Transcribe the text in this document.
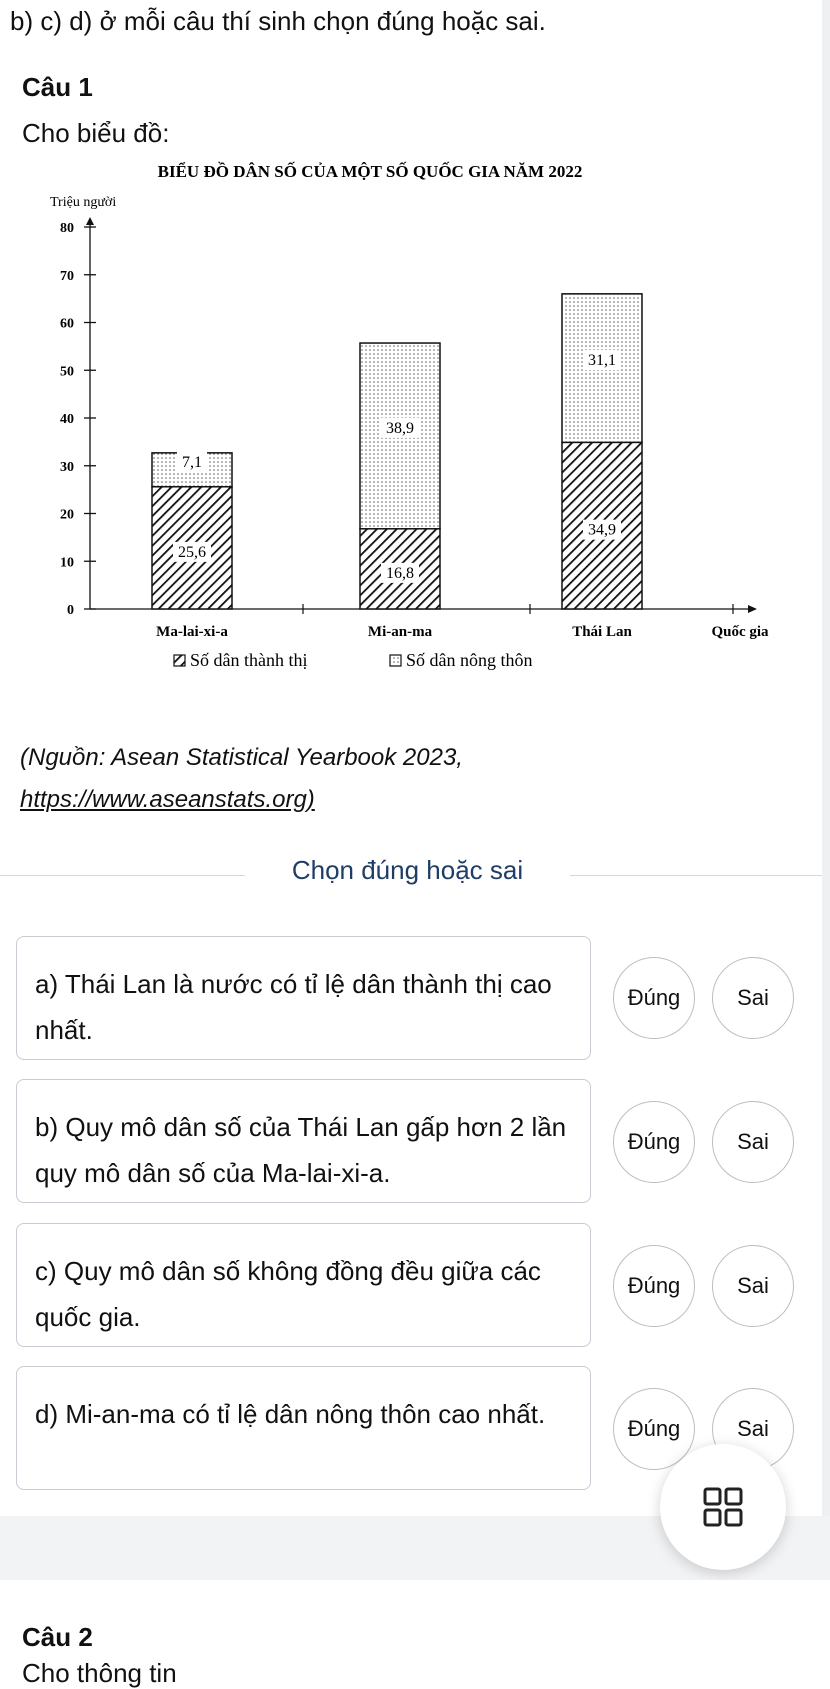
b) c) d) ở mỗi câu thí sinh chọn đúng hoặc sai.
Câu 1
Cho biểu đồ:
BIỂU ĐỒ DÂN SỐ CỦA MỘT SỐ QUỐC GIA NĂM 2022
Triệu người
0
10
20
30
40
50
60
70
80
Quốc gia
25,6
7,1
Ma-lai-xi-a
16,8
38,9
Mi-an-ma
34,9
31,1
Thái Lan
Số dân thành thị	Số dân nông thôn
(Nguồn: Asean Statistical Yearbook 2023,
https://www.aseanstats.org)
Chọn đúng hoặc sai
a) Thái Lan là nước có tỉ lệ dân thành thị cao nhất.
Đúng	Sai
b) Quy mô dân số của Thái Lan gấp hơn 2 lần quy mô dân số của Ma-lai-xi-a.
Đúng	Sai
c) Quy mô dân số không đồng đều giữa các quốc gia.
Đúng	Sai
d) Mi-an-ma có tỉ lệ dân nông thôn cao nhất.	Đúng	Sai
Câu 2
Cho thông tin
